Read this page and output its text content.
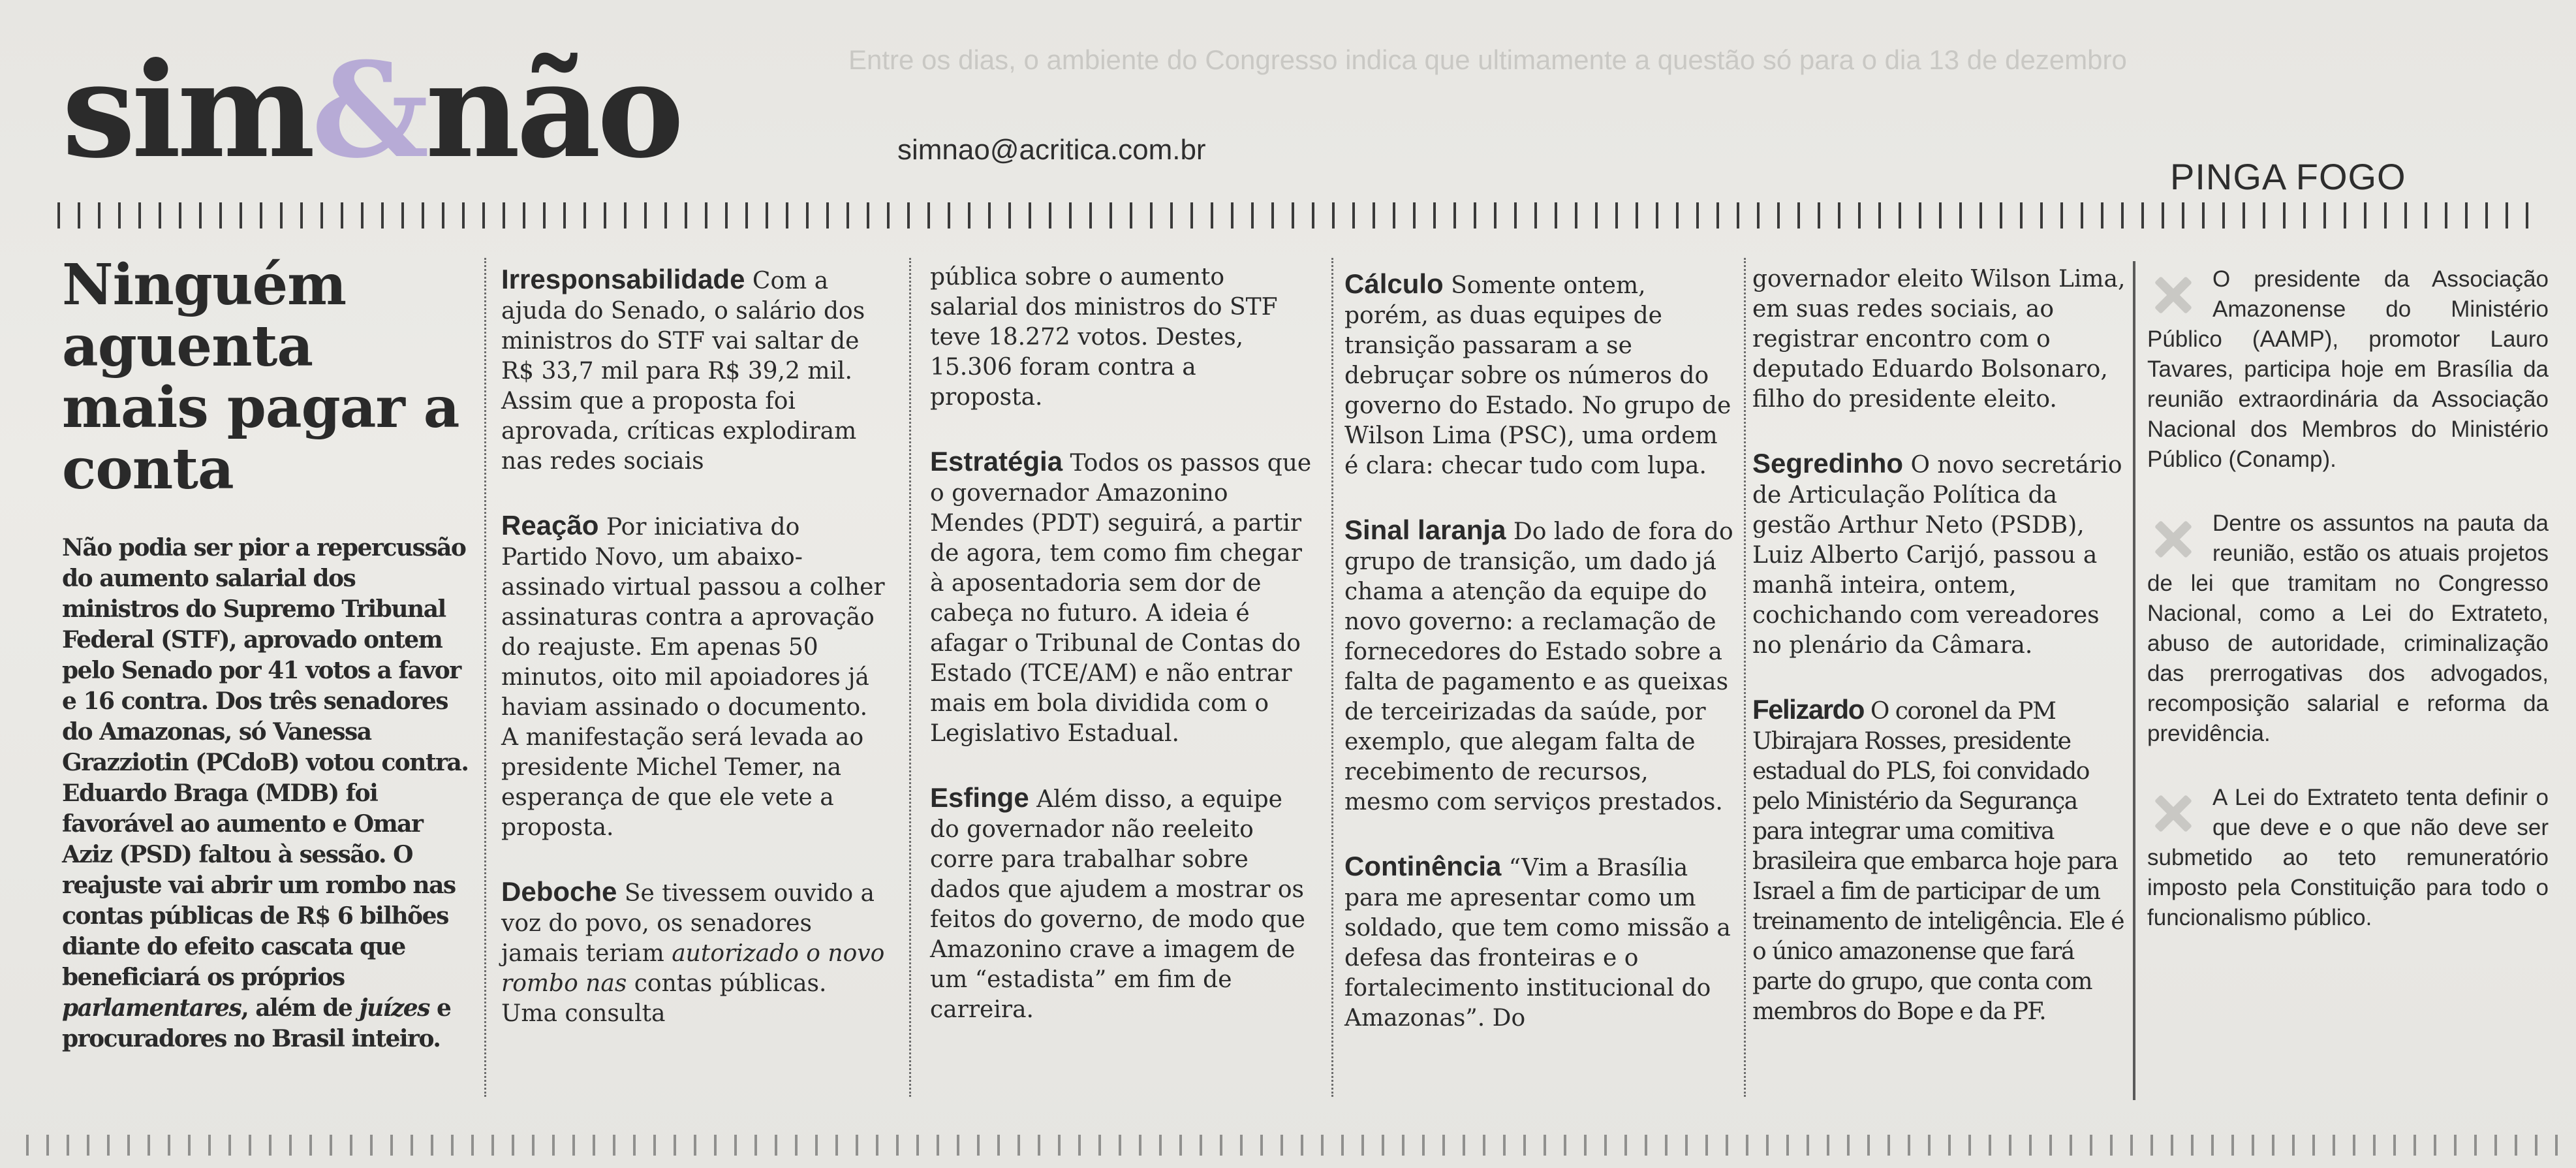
Entre os dias, o ambiente do Congresso indica que ultimamente a questão só para o dia 13 de dezembro
sim&não	simnao@acritica.com.br
PINGA FOGO
Ninguém aguenta mais pagar a conta

Não podia ser pior a repercussão do aumento salarial dos ministros do Supremo Tribunal Federal (STF), aprovado ontem pelo Senado por 41 votos a favor e 16 contra. Dos três senadores do Amazonas, só Vanessa Grazziotin (PCdoB) votou contra. Eduardo Braga (MDB) foi favorável ao aumento e Omar Aziz (PSD) faltou à sessão. O reajuste vai abrir um rombo nas contas públicas de R$ 6 bilhões diante do efeito cascata que beneficiará os próprios parlamentares, além de juízes e procuradores no Brasil inteiro.

Irresponsabilidade Com a ajuda do Senado, o salário dos ministros do STF vai saltar de R$ 33,7 mil para R$ 39,2 mil. Assim que a proposta foi aprovada, críticas explodiram nas redes sociais

Reação Por iniciativa do Partido Novo, um abaixo-assinado virtual passou a colher assinaturas contra a aprovação do reajuste. Em apenas 50 minutos, oito mil apoiadores já haviam assinado o documento. A manifestação será levada ao presidente Michel Temer, na esperança de que ele vete a proposta.

Deboche Se tivessem ouvido a voz do povo, os senadores jamais teriam autorizado o novo rombo nas contas públicas. Uma consulta

pública sobre o aumento salarial dos ministros do STF teve 18.272 votos. Destes, 15.306 foram contra a proposta.

Estratégia Todos os passos que o governador Amazonino Mendes (PDT) seguirá, a partir de agora, tem como fim chegar à aposentadoria sem dor de cabeça no futuro. A ideia é afagar o Tribunal de Contas do Estado (TCE/AM) e não entrar mais em bola dividida com o Legislativo Estadual.

Esfinge Além disso, a equipe do governador não reeleito corre para trabalhar sobre dados que ajudem a mostrar os feitos do governo, de modo que Amazonino crave a imagem de um “estadista” em fim de carreira.

Cálculo Somente ontem, porém, as duas equipes de transição passaram a se debruçar sobre os números do governo do Estado. No grupo de Wilson Lima (PSC), uma ordem é clara: checar tudo com lupa.

Sinal laranja Do lado de fora do grupo de transição, um dado já chama a atenção da equipe do novo governo: a reclamação de fornecedores do Estado sobre a falta de pagamento e as queixas de terceirizadas da saúde, por exemplo, que alegam falta de recebimento de recursos, mesmo com serviços prestados.

Continência “Vim a Brasília para me apresentar como um soldado, que tem como missão a defesa das fronteiras e o fortalecimento institucional do Amazonas”. Do

governador eleito Wilson Lima, em suas redes sociais, ao registrar encontro com o deputado Eduardo Bolsonaro, filho do presidente eleito.

Segredinho O novo secretário de Articulação Política da gestão Arthur Neto (PSDB), Luiz Alberto Carijó, passou a manhã inteira, ontem, cochichando com vereadores no plenário da Câmara.

Felizardo O coronel da PM Ubirajara Rosses, presidente estadual do PLS, foi convidado pelo Ministério da Segurança para integrar uma comitiva brasileira que embarca hoje para Israel a fim de participar de um treinamento de inteligência. Ele é o único amazonense que fará parte do grupo, que conta com membros do Bope e da PF.

O presidente da Associação Amazonense do Ministério Público (AAMP), promotor Lauro Tavares, participa hoje em Brasília da reunião extraordinária da Associação Nacional dos Membros do Ministério Público (Conamp).
Dentre os assuntos na pauta da reunião, estão os atuais projetos de lei que tramitam no Congresso Nacional, como a Lei do Extrateto, abuso de autoridade, criminalização das prerrogativas dos advogados, recomposição salarial e reforma da previdência.
A Lei do Extrateto tenta definir o que deve e o que não deve ser submetido ao teto remuneratório imposto pela Constituição para todo o funcionalismo público.
